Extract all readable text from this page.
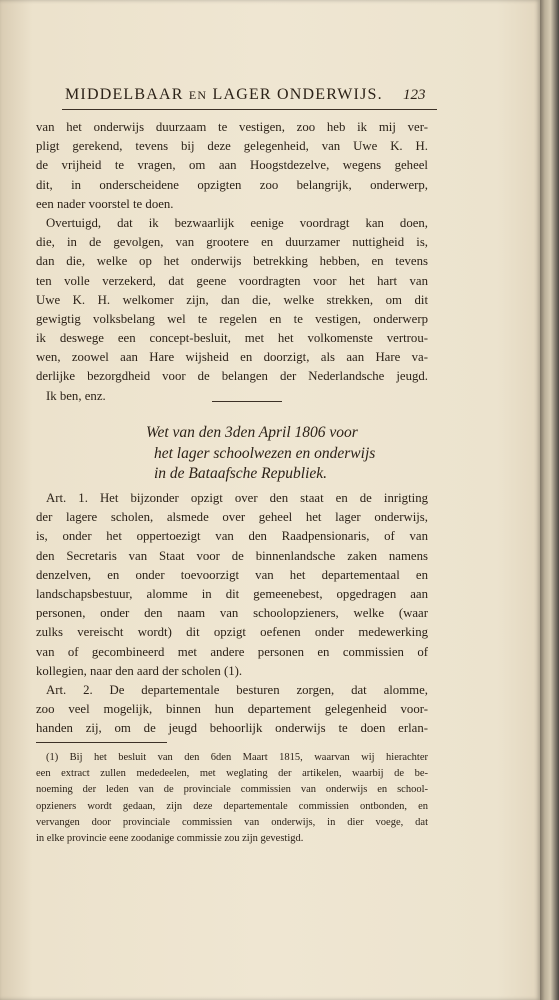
MIDDELBAAR EN LAGER ONDERWIJS.	123
van het onderwijs duurzaam te vestigen, zoo heb ik mij ver-
pligt gerekend, tevens bij deze gelegenheid, van Uwe K. H.
de vrijheid te vragen, om aan Hoogstdezelve, wegens geheel
dit, in onderscheidene opzigten zoo belangrijk, onderwerp,
een nader voorstel te doen.
Overtuigd, dat ik bezwaarlijk eenige voordragt kan doen,
die, in de gevolgen, van grootere en duurzamer nuttigheid is,
dan die, welke op het onderwijs betrekking hebben, en tevens
ten volle verzekerd, dat geene voordragten voor het hart van
Uwe K. H. welkomer zijn, dan die, welke strekken, om dit
gewigtig volksbelang wel te regelen en te vestigen, onderwerp
ik deswege een concept-besluit, met het volkomenste vertrou-
wen, zoowel aan Hare wijsheid en doorzigt, als aan Hare va-
derlijke bezorgdheid voor de belangen der Nederlandsche jeugd.
Ik ben, enz.
Wet van den 3den April 1806 voor
het lager schoolwezen en onderwijs
in de Bataafsche Republiek.
Art. 1. Het bijzonder opzigt over den staat en de inrigting
der lagere scholen, alsmede over geheel het lager onderwijs,
is, onder het oppertoezigt van den Raadpensionaris, of van
den Secretaris van Staat voor de binnenlandsche zaken namens
denzelven, en onder toevoorzigt van het departementaal en
landschapsbestuur, alomme in dit gemeenebest, opgedragen aan
personen, onder den naam van schoolopzieners, welke (waar
zulks vereischt wordt) dit opzigt oefenen onder medewerking
van of gecombineerd met andere personen en commissien of
kollegien, naar den aard der scholen (1).
Art. 2. De departementale besturen zorgen, dat alomme,
zoo veel mogelijk, binnen hun departement gelegenheid voor-
handen zij, om de jeugd behoorlijk onderwijs te doen erlan-
(1) Bij het besluit van den 6den Maart 1815, waarvan wij hierachter
een extract zullen mededeelen, met weglating der artikelen, waarbij de be-
noeming der leden van de provinciale commissien van onderwijs en school-
opzieners wordt gedaan, zijn deze departementale commissien ontbonden, en
vervangen door provinciale commissien van onderwijs, in dier voege, dat
in elke provincie eene zoodanige commissie zou zijn gevestigd.
